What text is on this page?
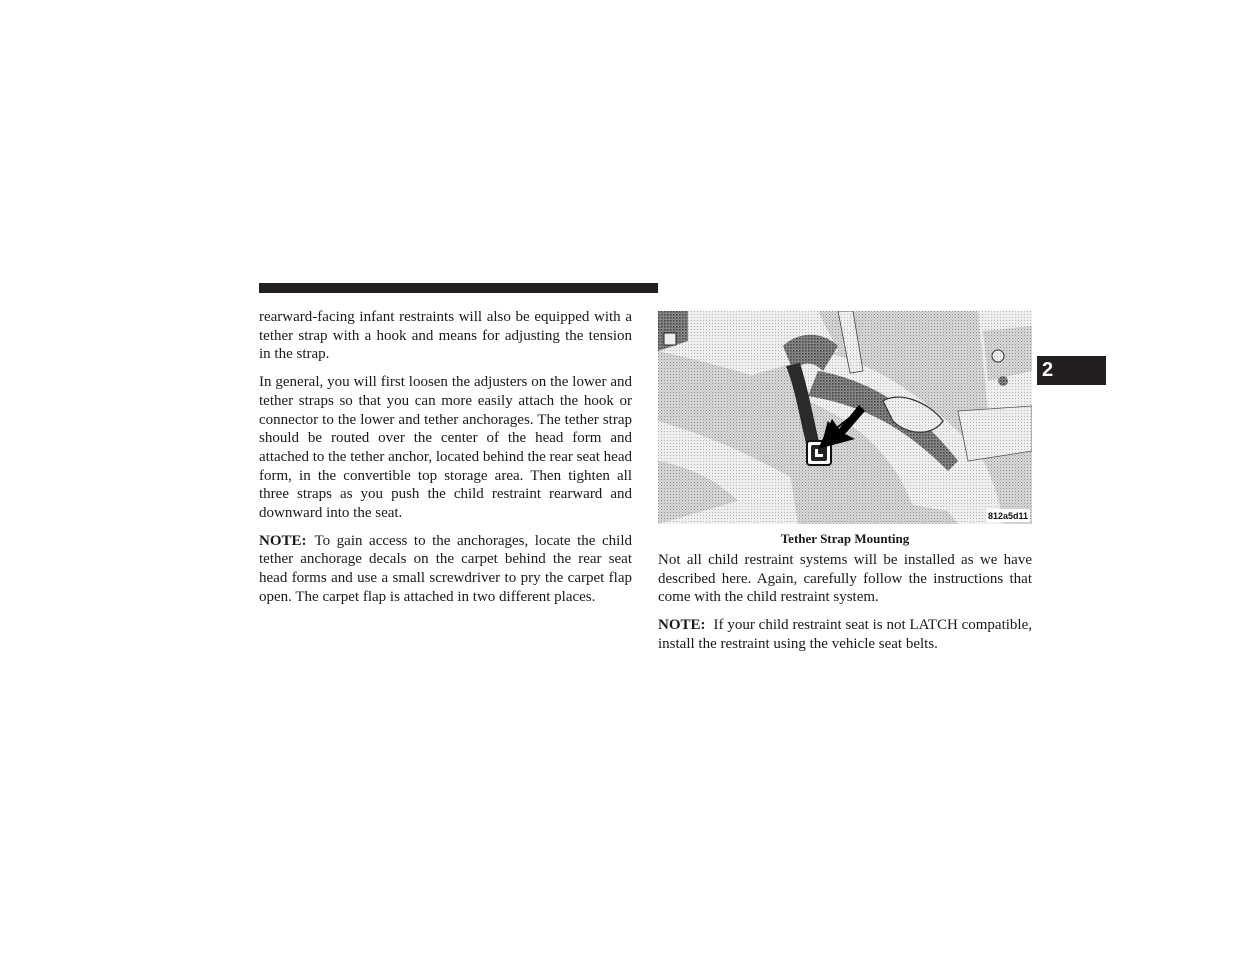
rearward-facing infant restraints will also be equipped with a tether strap with a hook and means for adjusting the tension in the strap.

In general, you will first loosen the adjusters on the lower and tether straps so that you can more easily attach the hook or connector to the lower and tether anchorages. The tether strap should be routed over the center of the head form and attached to the tether anchor, located behind the rear seat head form, in the convertible top storage area. Then tighten all three straps as you push the child restraint rearward and downward into the seat.

NOTE: To gain access to the anchorages, locate the child tether anchorage decals on the carpet behind the rear seat head forms and use a small screwdriver to pry the carpet flap open. The carpet flap is attached in two different places.

812a5d11
Tether Strap Mounting

Not all child restraint systems will be installed as we have described here. Again, carefully follow the instructions that come with the child restraint system.

NOTE: If your child restraint seat is not LATCH compatible, install the restraint using the vehicle seat belts.

2
